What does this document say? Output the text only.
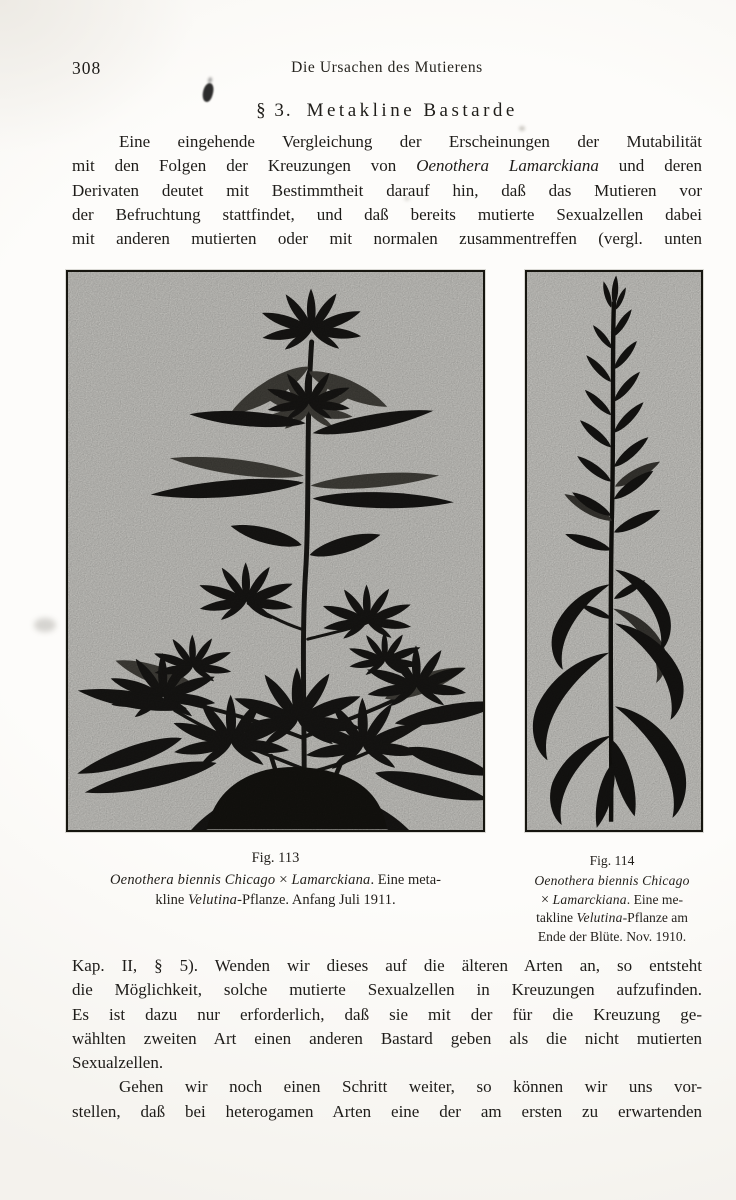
308	Die Ursachen des Mutierens
§ 3. Metakline Bastarde
Eine eingehende Vergleichung der Erscheinungen der Mutabilität
mit den Folgen der Kreuzungen von Oenothera Lamarckiana und deren
Derivaten deutet mit Bestimmtheit darauf hin, daß das Mutieren vor
der Befruchtung stattfindet, und daß bereits mutierte Sexualzellen dabei
mit anderen mutierten oder mit normalen zusammentreffen (vergl. unten
Fig. 113
Oenothera biennis Chicago × Lamarckiana. Eine meta-
kline Velutina-Pflanze. Anfang Juli 1911.
Fig. 114
Oenothera biennis Chicago
× Lamarckiana. Eine me-
takline Velutina-Pflanze am
Ende der Blüte. Nov. 1910.
Kap. II, § 5). Wenden wir dieses auf die älteren Arten an, so entsteht
die Möglichkeit, solche mutierte Sexualzellen in Kreuzungen aufzufinden.
Es ist dazu nur erforderlich, daß sie mit der für die Kreuzung ge-
wählten zweiten Art einen anderen Bastard geben als die nicht mutierten
Sexualzellen.
Gehen wir noch einen Schritt weiter, so können wir uns vor-
stellen, daß bei heterogamen Arten eine der am ersten zu erwartenden
